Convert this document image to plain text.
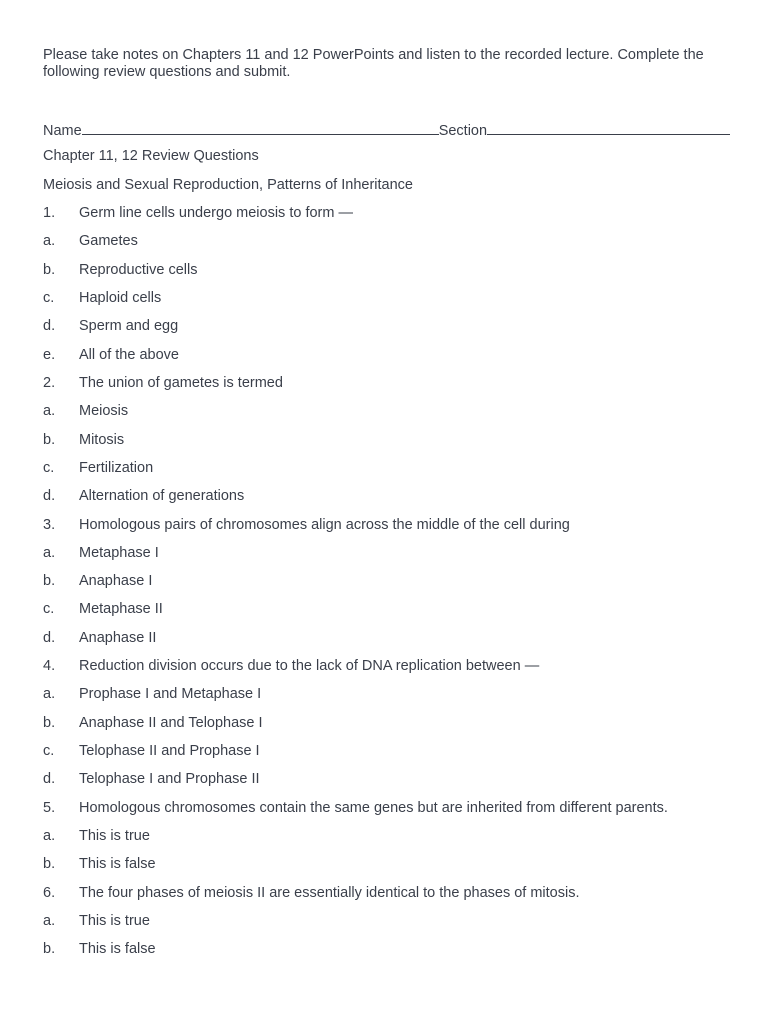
Please take notes on Chapters 11 and 12 PowerPoints and listen to the recorded lecture. Complete the following review questions and submit.
Name	Section
Chapter 11, 12 Review Questions
Meiosis and Sexual Reproduction, Patterns of Inheritance
1. Germ line cells undergo meiosis to form —
a. Gametes
b. Reproductive cells
c. Haploid cells
d. Sperm and egg
e. All of the above
2. The union of gametes is termed
a. Meiosis
b. Mitosis
c. Fertilization
d. Alternation of generations
3. Homologous pairs of chromosomes align across the middle of the cell during
a. Metaphase I
b. Anaphase I
c. Metaphase II
d. Anaphase II
4. Reduction division occurs due to the lack of DNA replication between —
a. Prophase I and Metaphase I
b. Anaphase II and Telophase I
c. Telophase II and Prophase I
d. Telophase I and Prophase II
5. Homologous chromosomes contain the same genes but are inherited from different parents.
a. This is true
b. This is false
6. The four phases of meiosis II are essentially identical to the phases of mitosis.
a. This is true
b. This is false
